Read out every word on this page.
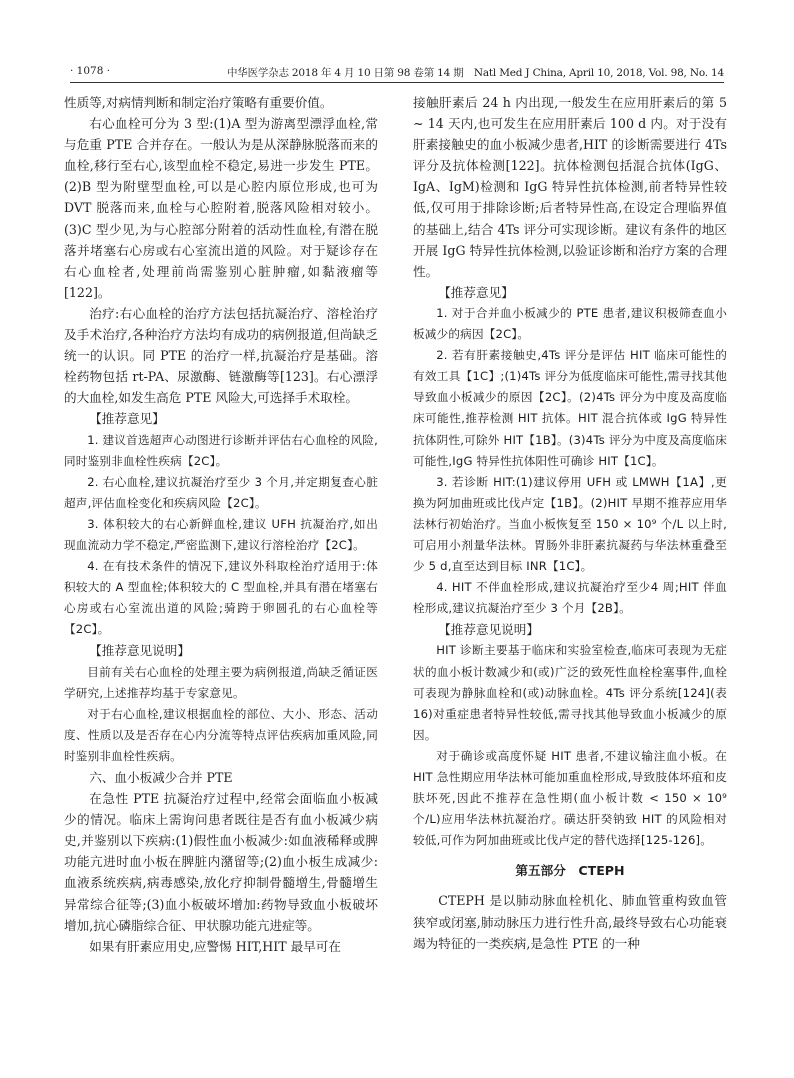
· 1078 ·	中华医学杂志 2018 年 4 月 10 日第 98 卷第 14 期　Natl Med J China, April 10, 2018, Vol. 98, No. 14

性质等,对病情判断和制定治疗策略有重要价值。

右心血栓可分为 3 型:(1)A 型为游离型漂浮血栓,常与危重 PTE 合并存在。一般认为是从深静脉脱落而来的血栓,移行至右心,该型血栓不稳定,易进一步发生 PTE。(2)B 型为附壁型血栓,可以是心腔内原位形成,也可为 DVT 脱落而来,血栓与心腔附着,脱落风险相对较小。(3)C 型少见,为与心腔部分附着的活动性血栓,有潜在脱落并堵塞右心房或右心室流出道的风险。对于疑诊存在右心血栓者,处理前尚需鉴别心脏肿瘤,如黏液瘤等[122]。

治疗:右心血栓的治疗方法包括抗凝治疗、溶栓治疗及手术治疗,各种治疗方法均有成功的病例报道,但尚缺乏统一的认识。同 PTE 的治疗一样,抗凝治疗是基础。溶栓药物包括 rt-PA、尿激酶、链激酶等[123]。右心漂浮的大血栓,如发生高危 PTE 风险大,可选择手术取栓。

【推荐意见】

1. 建议首选超声心动图进行诊断并评估右心血栓的风险,同时鉴别非血栓性疾病【2C】。

2. 右心血栓,建议抗凝治疗至少 3 个月,并定期复查心脏超声,评估血栓变化和疾病风险【2C】。

3. 体积较大的右心新鲜血栓,建议 UFH 抗凝治疗,如出现血流动力学不稳定,严密监测下,建议行溶栓治疗【2C】。

4. 在有技术条件的情况下,建议外科取栓治疗适用于:体积较大的 A 型血栓;体积较大的 C 型血栓,并具有潜在堵塞右心房或右心室流出道的风险;骑跨于卵圆孔的右心血栓等【2C】。

【推荐意见说明】

目前有关右心血栓的处理主要为病例报道,尚缺乏循证医学研究,上述推荐均基于专家意见。

对于右心血栓,建议根据血栓的部位、大小、形态、活动度、性质以及是否存在心内分流等特点评估疾病加重风险,同时鉴别非血栓性疾病。

六、血小板减少合并 PTE

在急性 PTE 抗凝治疗过程中,经常会面临血小板减少的情况。临床上需询问患者既往是否有血小板减少病史,并鉴别以下疾病:(1)假性血小板减少:如血液稀释或脾功能亢进时血小板在脾脏内潴留等;(2)血小板生成减少:血液系统疾病,病毒感染,放化疗抑制骨髓增生,骨髓增生异常综合征等;(3)血小板破坏增加:药物导致血小板破坏增加,抗心磷脂综合征、甲状腺功能亢进症等。

如果有肝素应用史,应警惕 HIT,HIT 最早可在

接触肝素后 24 h 内出现,一般发生在应用肝素后的第 5 ~ 14 天内,也可发生在应用肝素后 100 d 内。对于没有肝素接触史的血小板减少患者,HIT 的诊断需要进行 4Ts 评分及抗体检测[122]。抗体检测包括混合抗体(IgG、IgA、IgM)检测和 IgG 特异性抗体检测,前者特异性较低,仅可用于排除诊断;后者特异性高,在设定合理临界值的基础上,结合 4Ts 评分可实现诊断。建议有条件的地区开展 IgG 特异性抗体检测,以验证诊断和治疗方案的合理性。

【推荐意见】

1. 对于合并血小板减少的 PTE 患者,建议积极筛查血小板减少的病因【2C】。

2. 若有肝素接触史,4Ts 评分是评估 HIT 临床可能性的有效工具【1C】;(1)4Ts 评分为低度临床可能性,需寻找其他导致血小板减少的原因【2C】。(2)4Ts 评分为中度及高度临床可能性,推荐检测 HIT 抗体。HIT 混合抗体或 IgG 特异性抗体阴性,可除外 HIT【1B】。(3)4Ts 评分为中度及高度临床可能性,IgG 特异性抗体阳性可确诊 HIT【1C】。

3. 若诊断 HIT:(1)建议停用 UFH 或 LMWH【1A】,更换为阿加曲班或比伐卢定【1B】。(2)HIT 早期不推荐应用华法林行初始治疗。当血小板恢复至 150 × 10⁹ 个/L 以上时,可启用小剂量华法林。胃肠外非肝素抗凝药与华法林重叠至少 5 d,直至达到目标 INR【1C】。

4. HIT 不伴血栓形成,建议抗凝治疗至少4 周;HIT 伴血栓形成,建议抗凝治疗至少 3 个月【2B】。

【推荐意见说明】

HIT 诊断主要基于临床和实验室检查,临床可表现为无症状的血小板计数减少和(或)广泛的致死性血栓栓塞事件,血栓可表现为静脉血栓和(或)动脉血栓。4Ts 评分系统[124](表 16)对重症患者特异性较低,需寻找其他导致血小板减少的原因。

对于确诊或高度怀疑 HIT 患者,不建议输注血小板。在 HIT 急性期应用华法林可能加重血栓形成,导致肢体坏疽和皮肤坏死,因此不推荐在急性期(血小板计数 < 150 × 10⁹ 个/L)应用华法林抗凝治疗。磺达肝癸钠致 HIT 的风险相对较低,可作为阿加曲班或比伐卢定的替代选择[125-126]。

第五部分　CTEPH

CTEPH 是以肺动脉血栓机化、肺血管重构致血管狭窄或闭塞,肺动脉压力进行性升高,最终导致右心功能衰竭为特征的一类疾病,是急性 PTE 的一种
